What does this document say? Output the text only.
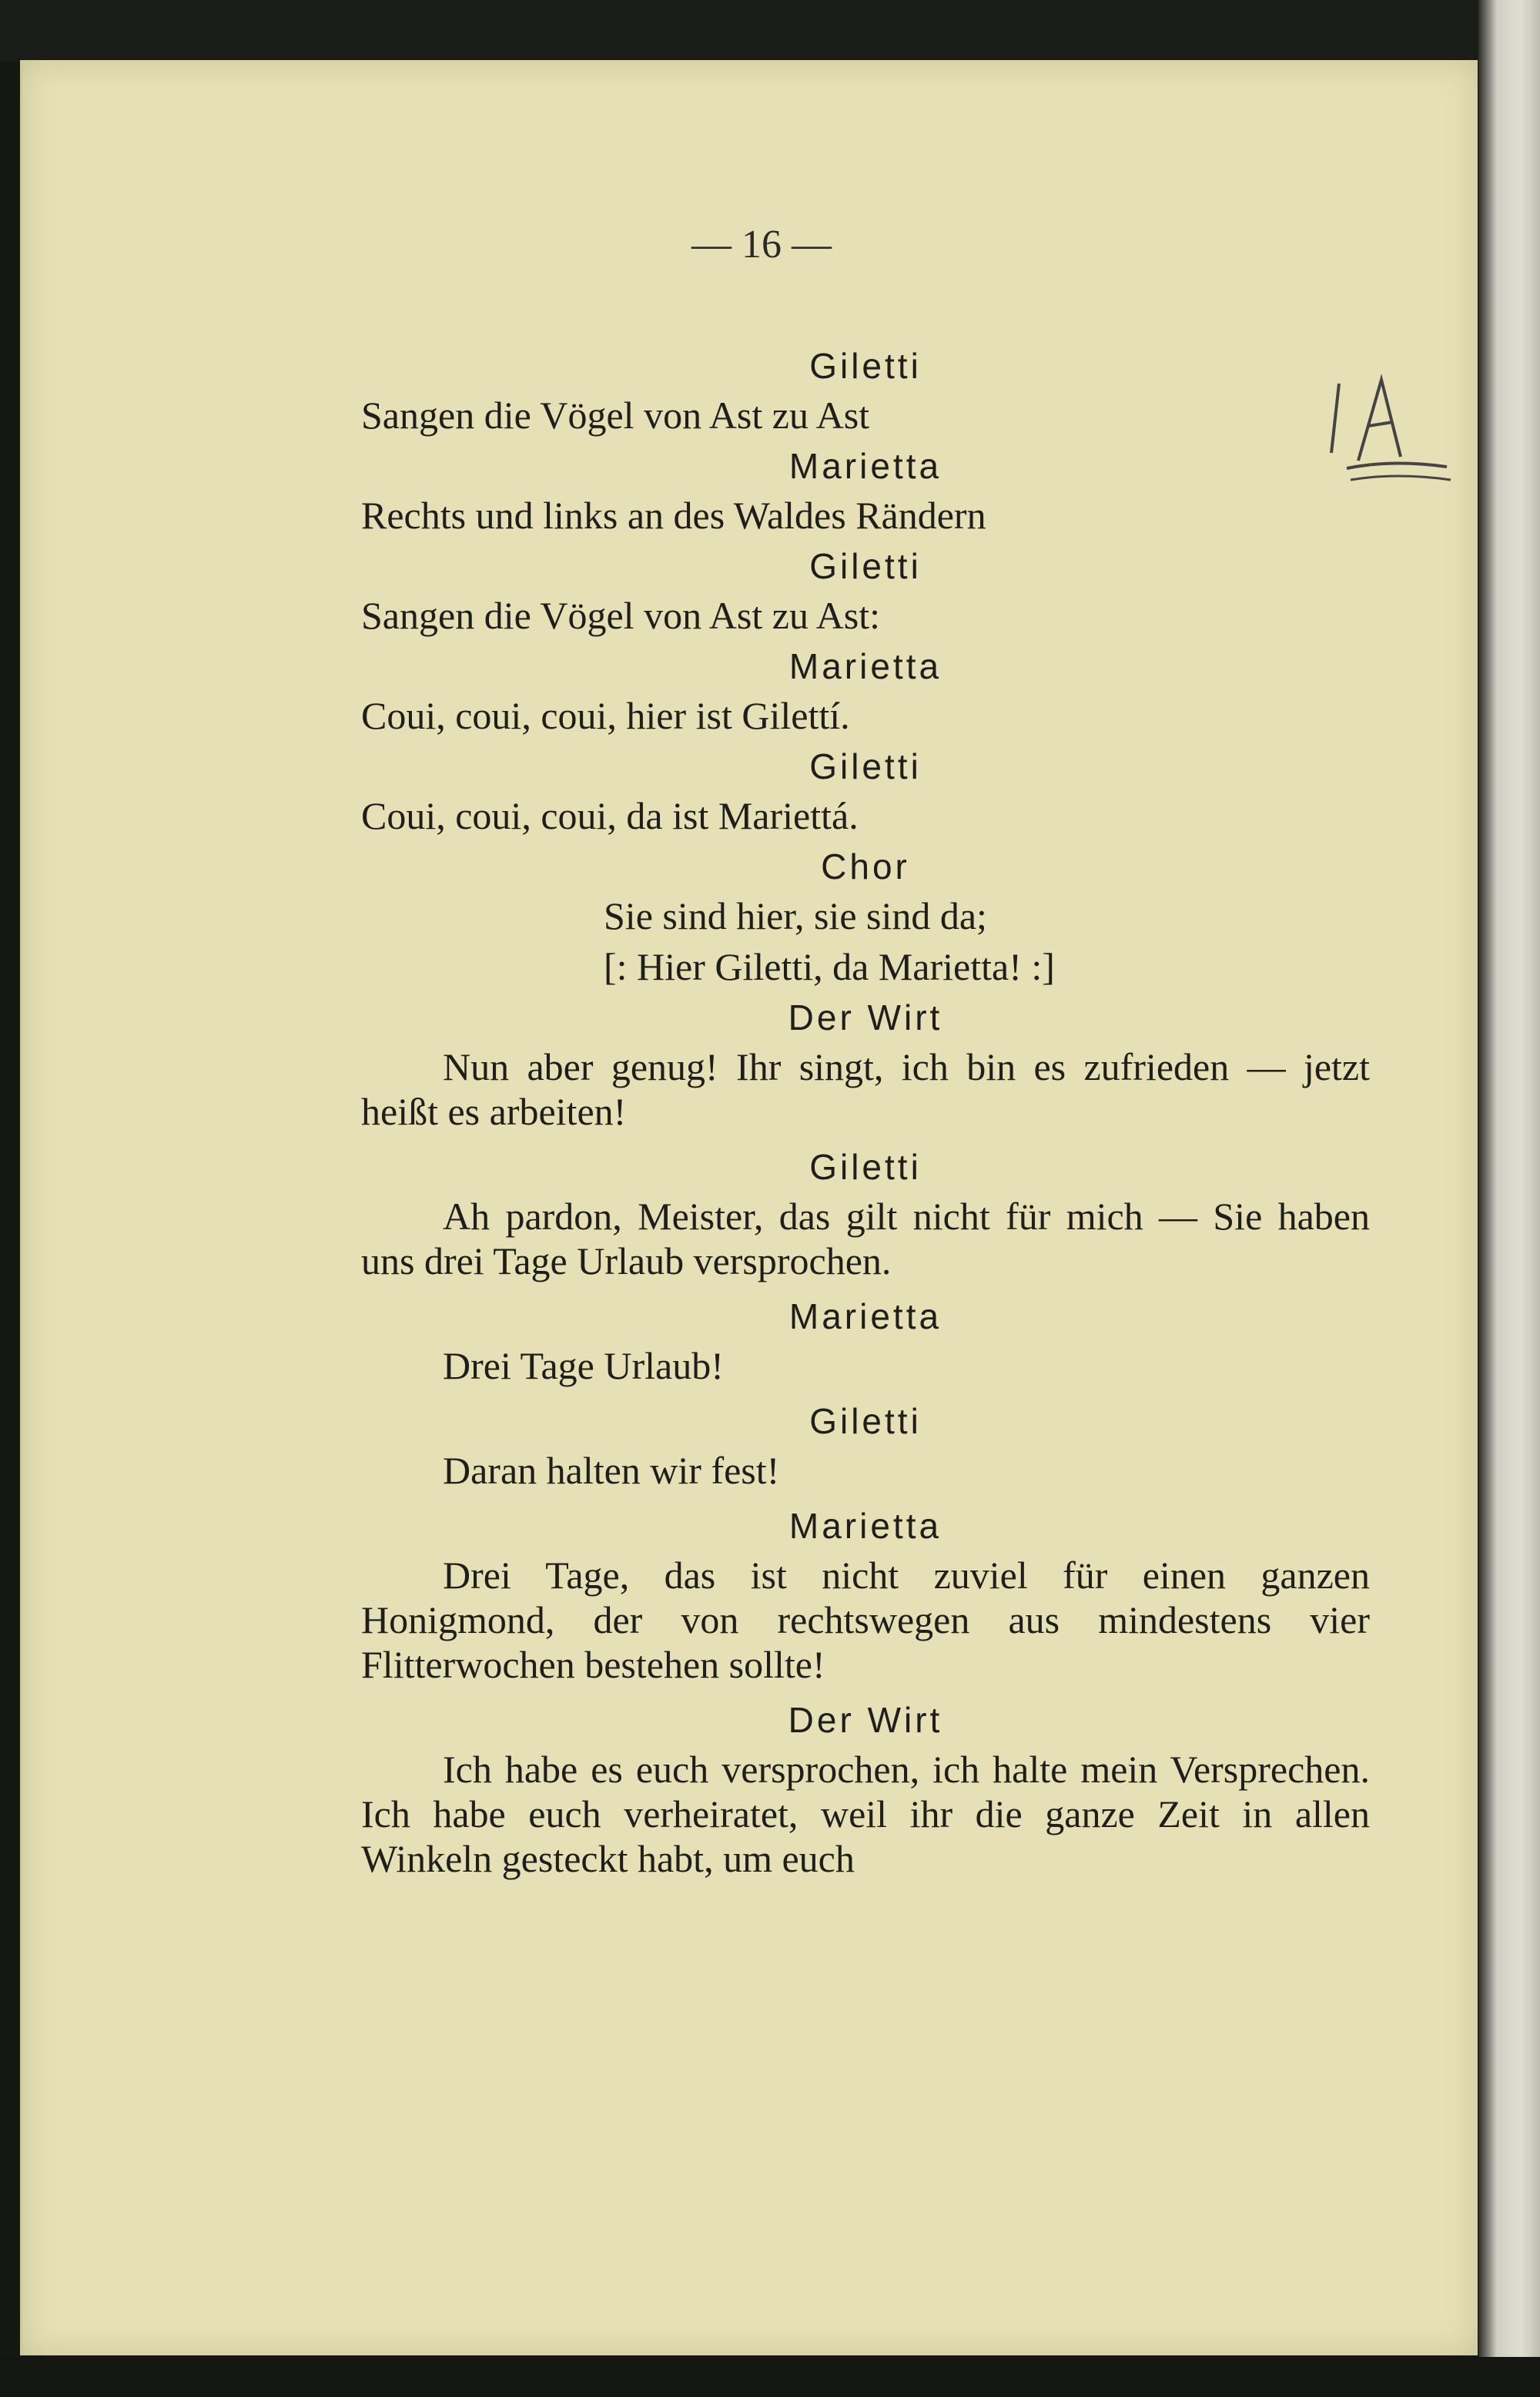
— 16 —
Giletti
Sangen die Vögel von Ast zu Ast
Marietta
Rechts und links an des Waldes Rändern
Giletti
Sangen die Vögel von Ast zu Ast:
Marietta
Coui, coui, coui, hier ist Gilettí.
Giletti
Coui, coui, coui, da ist Mariettá.
Chor
Sie sind hier, sie sind da;
[: Hier Giletti, da Marietta! :]
Der Wirt
Nun aber genug! Ihr singt, ich bin es zufrieden — jetzt heißt es arbeiten!
Giletti
Ah pardon, Meister, das gilt nicht für mich — Sie haben uns drei Tage Urlaub versprochen.
Marietta
Drei Tage Urlaub!
Giletti
Daran halten wir fest!
Marietta
Drei Tage, das ist nicht zuviel für einen ganzen Honigmond, der von rechtswegen aus mindestens vier Flitterwochen bestehen sollte!
Der Wirt
Ich habe es euch versprochen, ich halte mein Versprechen. Ich habe euch verheiratet, weil ihr die ganze Zeit in allen Winkeln gesteckt habt, um euch
